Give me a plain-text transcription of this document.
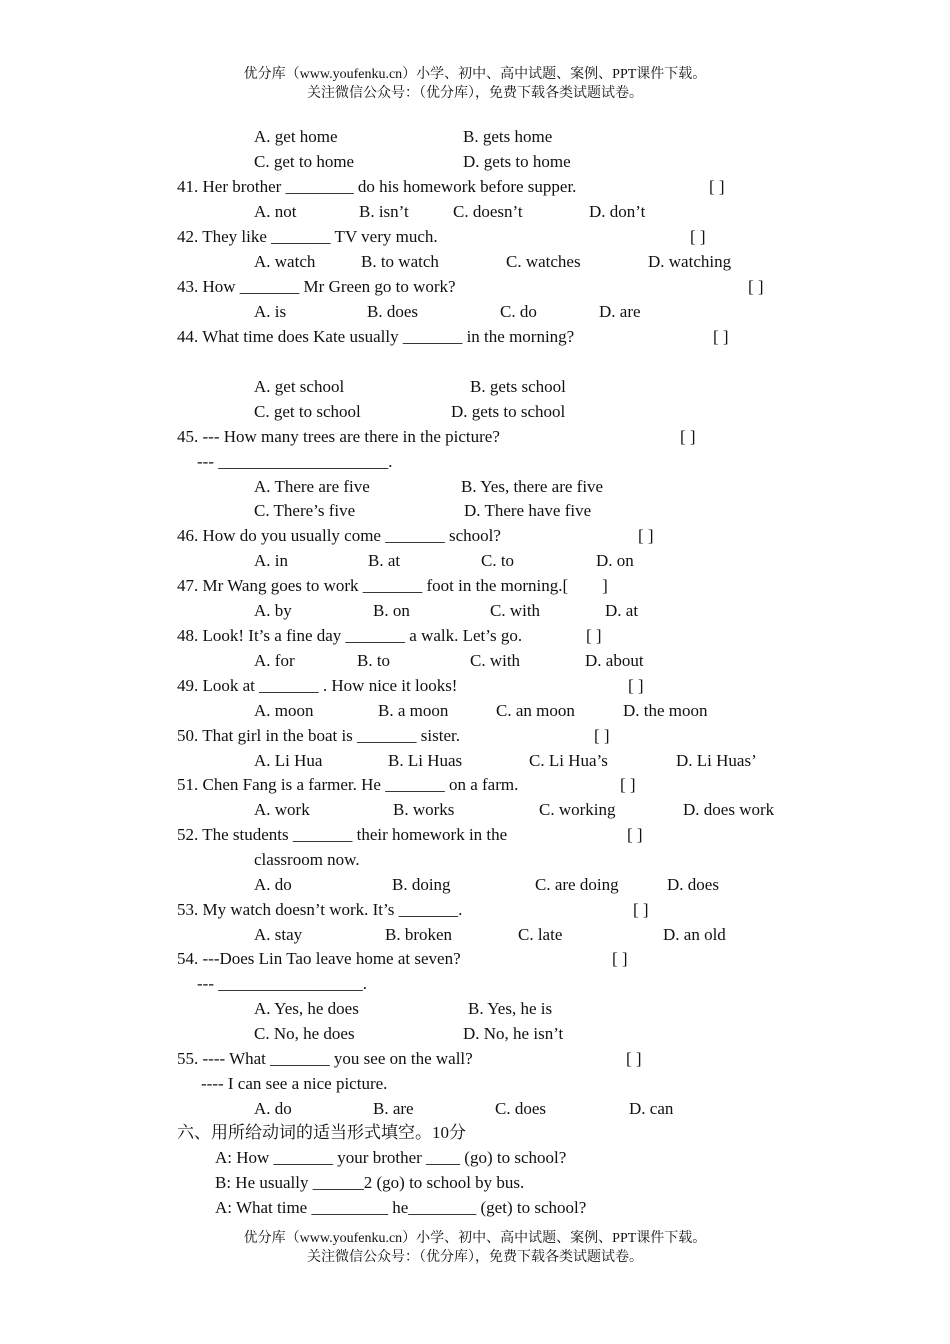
优分库（www.youfenku.cn）小学、初中、高中试题、案例、PPT课件下载。
关注微信公众号：（优分库），免费下载各类试题试卷。
A. get home	B. gets home
C. get to home	D. gets to home
41. Her brother ________ do his homework before supper.	[ ]
A. not	B. isn’t	C. doesn’t	D. don’t
42. They like _______ TV very much.	[ ]
A. watch	B. to watch	C. watches	D. watching
43. How _______ Mr Green go to work?	[ ]
A. is	B. does	C. do	D. are
44. What time does Kate usually _______ in the morning?	[ ]
A. get school	B. gets school
C. get to school	D. gets to school
45. --- How many trees are there in the picture?	[ ]
--- ____________________.
A. There are five	B. Yes, there are five
C. There’s five	D. There have five
46. How do you usually come _______ school?	[ ]
A. in	B. at	C. to	D. on
47. Mr Wang goes to work _______ foot in the morning.[        ]
A. by	B. on	C. with	D. at
48. Look! It’s a fine day _______ a walk. Let’s go.	[ ]
A. for	B. to	C. with	D. about
49. Look at _______ . How nice it looks!	[ ]
A. moon	B. a moon	C. an moon	D. the moon
50. That girl in the boat is _______ sister.	[ ]
A. Li Hua	B. Li Huas	C. Li Hua’s	D. Li Huas’
51. Chen Fang is a farmer. He _______ on a farm.	[ ]
A. work	B. works	C. working	D. does work
52. The students _______ their homework in the	[ ]
classroom now.
A. do	B. doing	C. are doing	D. does
53. My watch doesn’t work. It’s _______.	[ ]
A. stay	B. broken	C. late	D. an old
54. ---Does Lin Tao leave home at seven?	[ ]
--- _________________.
A. Yes, he does	B. Yes, he is
C. No, he does	D. No, he isn’t
55. ---- What _______ you see on the wall?	[ ]
---- I can see a nice picture.
A. do	B. are	C. does	D. can
六、用所给动词的适当形式填空。10分
A: How _______ your brother ____ (go) to school?
B: He usually ______2 (go) to school by bus.
A: What time _________ he________ (get) to school?
优分库（www.youfenku.cn）小学、初中、高中试题、案例、PPT课件下载。
关注微信公众号：（优分库），免费下载各类试题试卷。
